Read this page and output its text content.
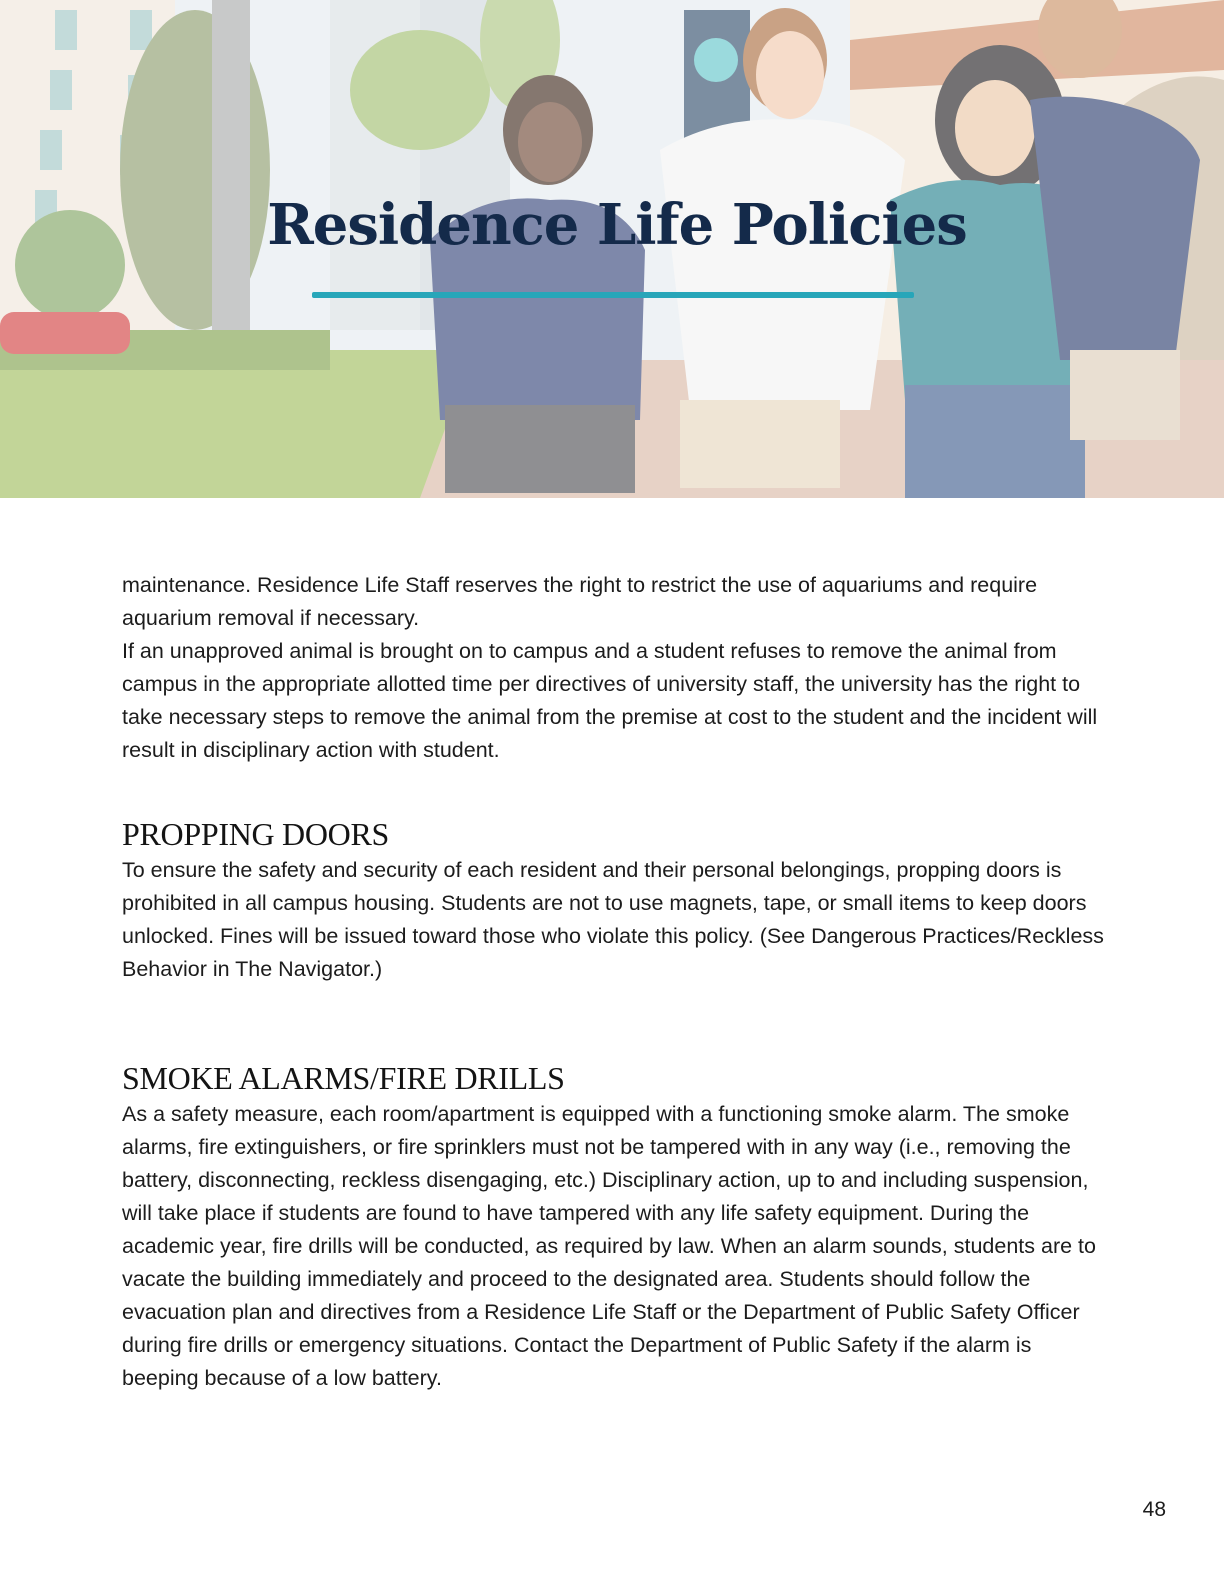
Residence Life Policies

maintenance. Residence Life Staff reserves the right to restrict the use of aquariums and require aquarium removal if necessary.

If an unapproved animal is brought on to campus and a student refuses to remove the animal from campus in the appropriate allotted time per directives of university staff, the university has the right to take necessary steps to remove the animal from the premise at cost to the student and the incident will result in disciplinary action with student.

PROPPING DOORS

To ensure the safety and security of each resident and their personal belongings, propping doors is prohibited in all campus housing. Students are not to use magnets, tape, or small items to keep doors unlocked. Fines will be issued toward those who violate this policy. (See Dangerous Practices/Reckless Behavior in The Navigator.)

SMOKE ALARMS/FIRE DRILLS

As a safety measure, each room/apartment is equipped with a functioning smoke alarm. The smoke alarms, fire extinguishers, or fire sprinklers must not be tampered with in any way (i.e., removing the battery, disconnecting, reckless disengaging, etc.) Disciplinary action, up to and including suspension, will take place if students are found to have tampered with any life safety equipment. During the academic year, fire drills will be conducted, as required by law. When an alarm sounds, students are to vacate the building immediately and proceed to the designated area. Students should follow the evacuation plan and directives from a Residence Life Staff or the Department of Public Safety Officer during fire drills or emergency situations. Contact the Department of Public Safety if the alarm is beeping because of a low battery.

48
